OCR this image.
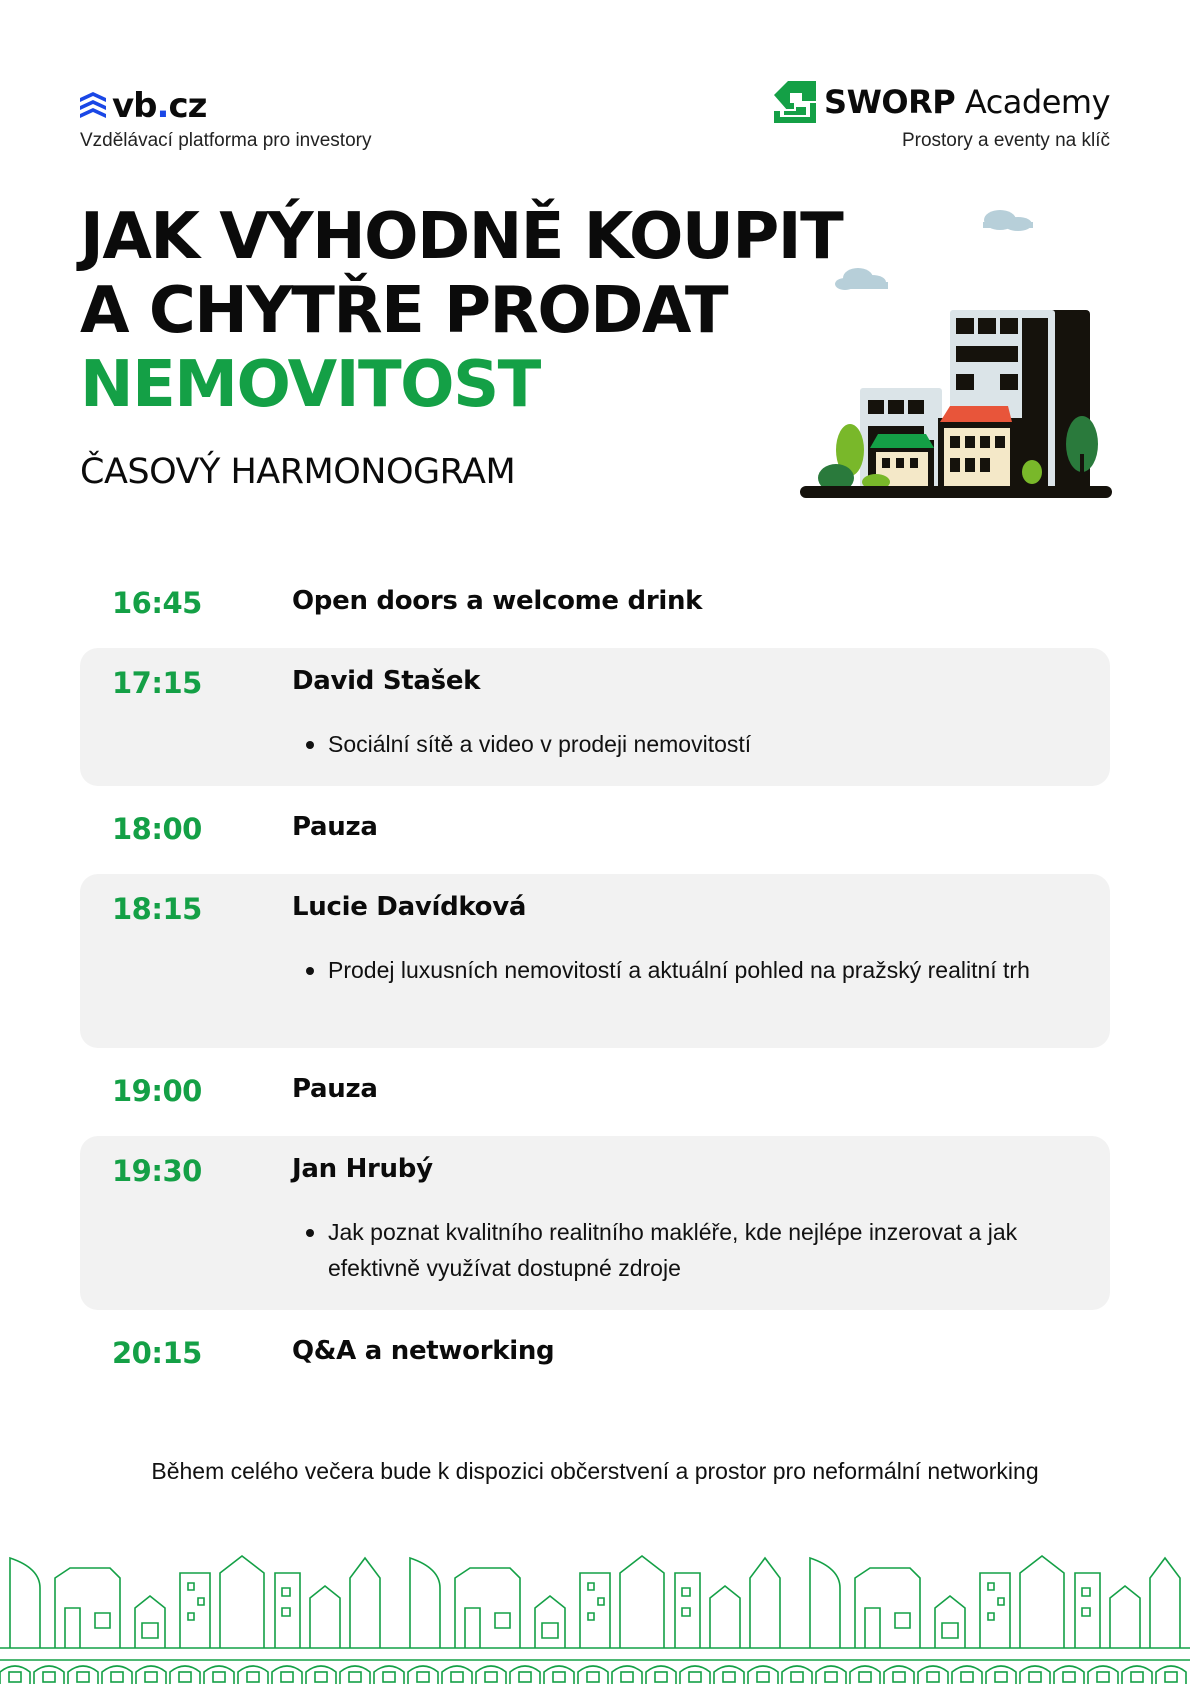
vb.cz
Vzdělávací platforma pro investory
SWORP Academy
Prostory a eventy na klíč
JAK VÝHODNĚ KOUPIT
A CHYTŘE PRODAT
NEMOVITOST
ČASOVÝ HARMONOGRAM
16:45	Open doors a welcome drink
17:15	David Stašek
Sociální sítě a video v prodeji nemovitostí
18:00	Pauza
18:15	Lucie Davídková
Prodej luxusních nemovitostí a aktuální pohled na pražský realitní trh
19:00	Pauza
19:30	Jan Hrubý
Jak poznat kvalitního realitního makléře, kde nejlépe inzerovat a jak efektivně využívat dostupné zdroje
20:15	Q&A a networking
Během celého večera bude k dispozici občerstvení a prostor pro neformální networking
